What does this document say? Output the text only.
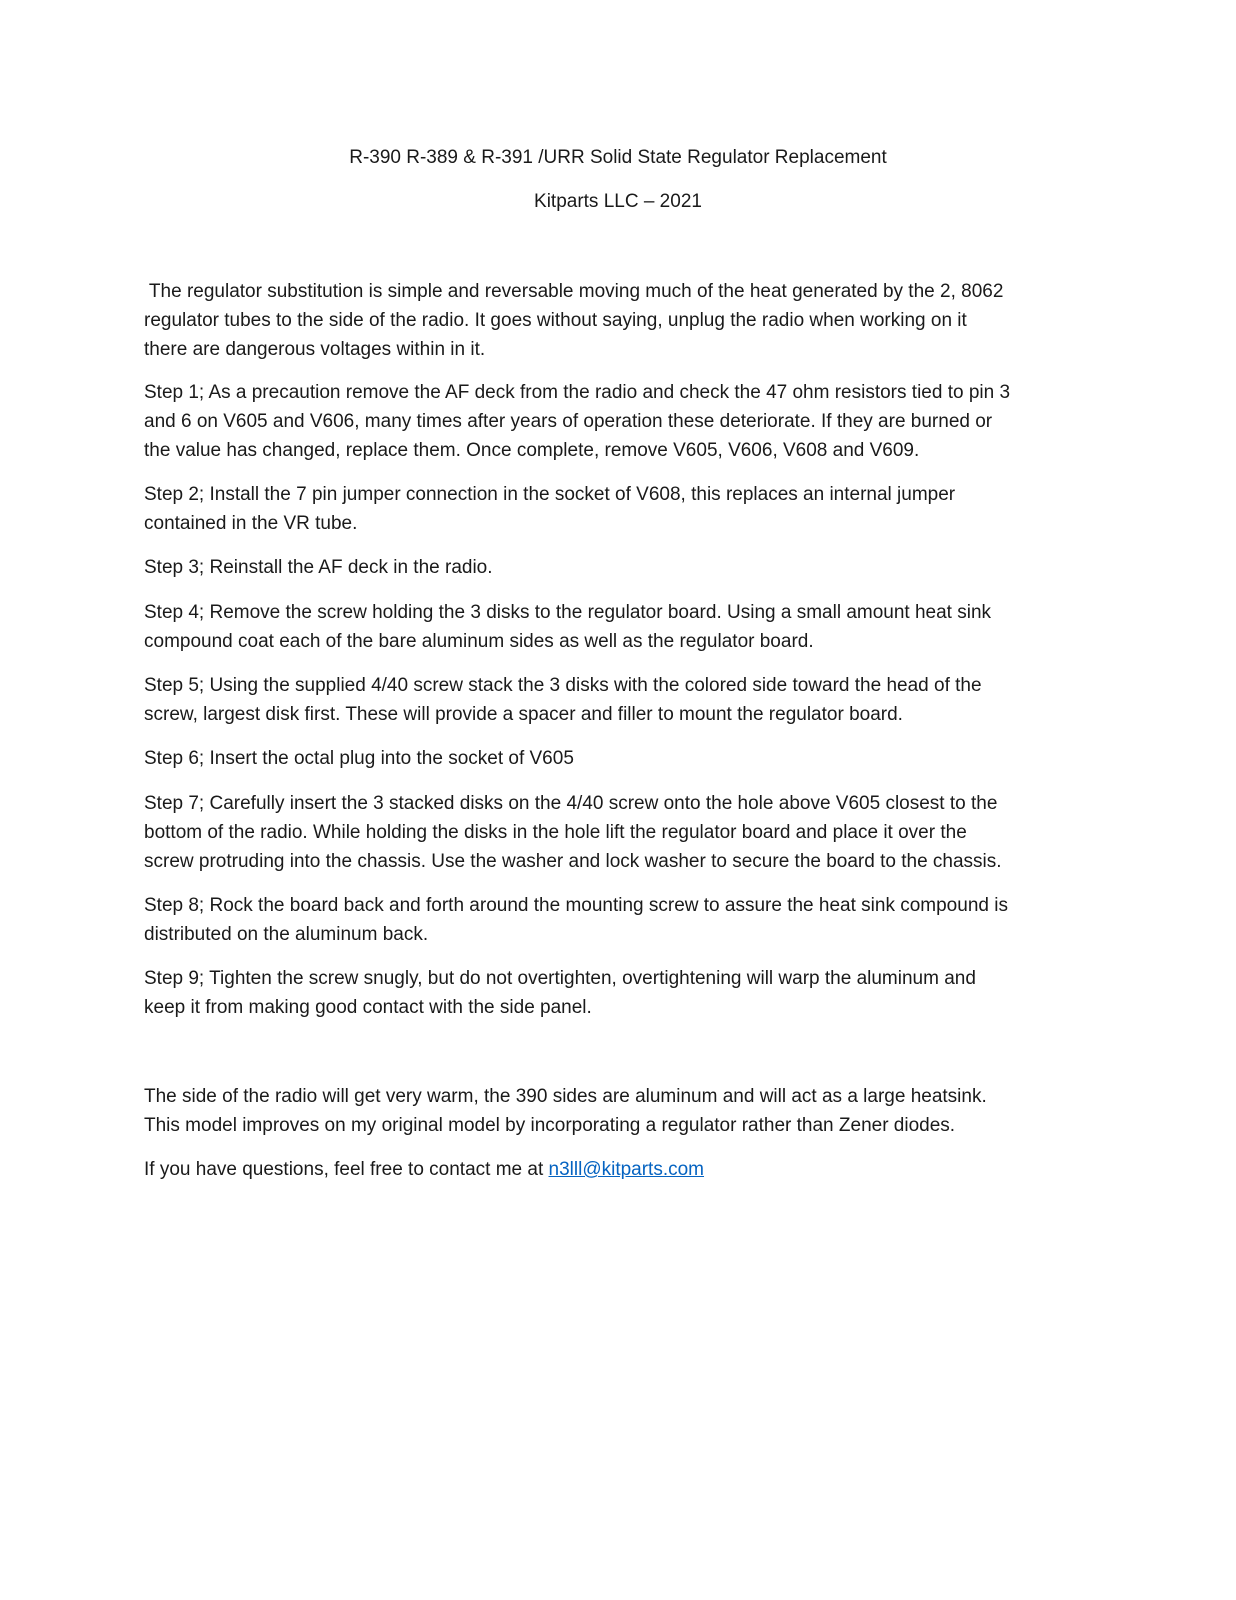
R-390 R-389 & R-391 /URR Solid State Regulator Replacement
Kitparts LLC – 2021

The regulator substitution is simple and reversable moving much of the heat generated by the 2, 8062
regulator tubes to the side of the radio. It goes without saying, unplug the radio when working on it
there are dangerous voltages within in it.

Step 1; As a precaution remove the AF deck from the radio and check the 47 ohm resistors tied to pin 3
and 6 on V605 and V606, many times after years of operation these deteriorate. If they are burned or
the value has changed, replace them. Once complete, remove V605, V606, V608 and V609.

Step 2; Install the 7 pin jumper connection in the socket of V608, this replaces an internal jumper
contained in the VR tube.

Step 3; Reinstall the AF deck in the radio.

Step 4; Remove the screw holding the 3 disks to the regulator board. Using a small amount heat sink
compound coat each of the bare aluminum sides as well as the regulator board.

Step 5; Using the supplied 4/40 screw stack the 3 disks with the colored side toward the head of the
screw, largest disk first. These will provide a spacer and filler to mount the regulator board.

Step 6; Insert the octal plug into the socket of V605

Step 7; Carefully insert the 3 stacked disks on the 4/40 screw onto the hole above V605 closest to the
bottom of the radio. While holding the disks in the hole lift the regulator board and place it over the
screw protruding into the chassis. Use the washer and lock washer to secure the board to the chassis.

Step 8; Rock the board back and forth around the mounting screw to assure the heat sink compound is
distributed on the aluminum back.

Step 9; Tighten the screw snugly, but do not overtighten, overtightening will warp the aluminum and
keep it from making good contact with the side panel.

The side of the radio will get very warm, the 390 sides are aluminum and will act as a large heatsink.
This model improves on my original model by incorporating a regulator rather than Zener diodes.

If you have questions, feel free to contact me at n3lll@kitparts.com
